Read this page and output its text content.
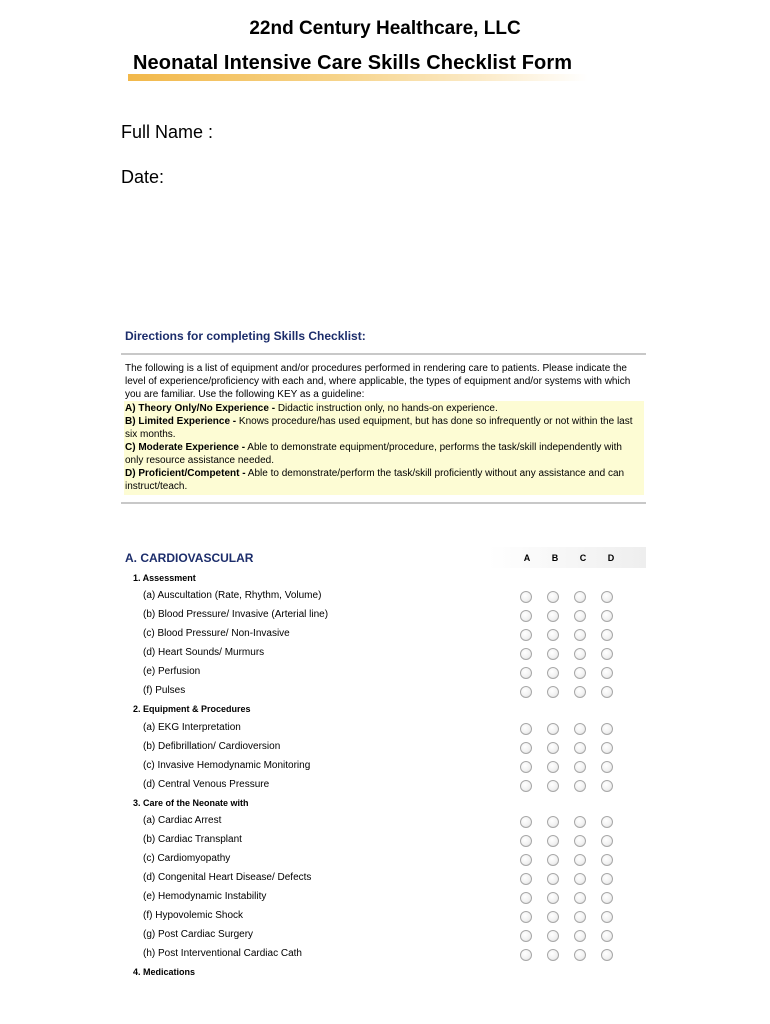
22nd Century Healthcare, LLC
Neonatal Intensive Care Skills Checklist Form
Full Name :
Date:
Directions for completing Skills Checklist:
The following is a list of equipment and/or procedures performed in rendering care to patients. Please indicate the level of experience/proficiency with each and, where applicable, the types of equipment and/or systems with which you are familiar. Use the following KEY as a guideline:
A) Theory Only/No Experience - Didactic instruction only, no hands-on experience.
B) Limited Experience - Knows procedure/has used equipment, but has done so infrequently or not within the last six months.
C) Moderate Experience - Able to demonstrate equipment/procedure, performs the task/skill independently with only resource assistance needed.
D) Proficient/Competent - Able to demonstrate/perform the task/skill proficiently without any assistance and can instruct/teach.
A. CARDIOVASCULAR	A	B	C	D
1. Assessment
(a) Auscultation (Rate, Rhythm, Volume)
(b) Blood Pressure/ Invasive (Arterial line)
(c) Blood Pressure/ Non-Invasive
(d) Heart Sounds/ Murmurs
(e) Perfusion
(f) Pulses
2. Equipment & Procedures
(a) EKG Interpretation
(b) Defibrillation/ Cardioversion
(c) Invasive Hemodynamic Monitoring
(d) Central Venous Pressure
3. Care of the Neonate with
(a) Cardiac Arrest
(b) Cardiac Transplant
(c) Cardiomyopathy
(d) Congenital Heart Disease/ Defects
(e) Hemodynamic Instability
(f) Hypovolemic Shock
(g) Post Cardiac Surgery
(h) Post Interventional Cardiac Cath
4. Medications
